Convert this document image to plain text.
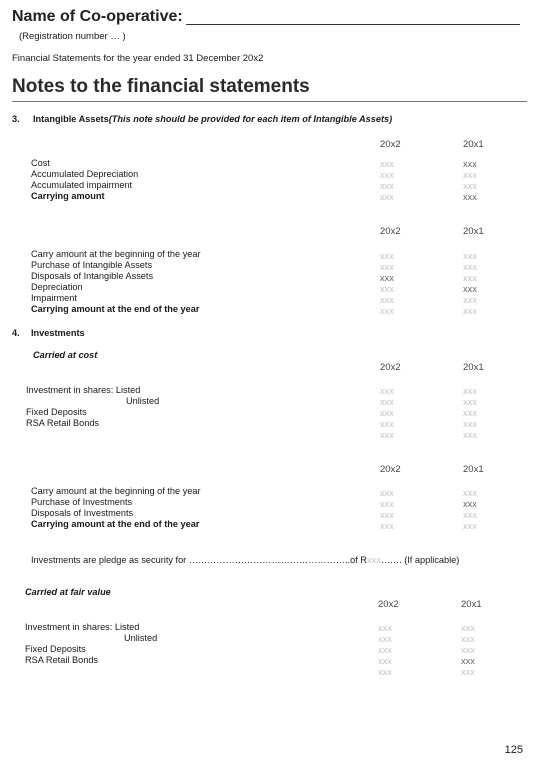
Name of Co-operative:
(Registration number … )
Financial Statements for the year ended 31 December 20x2
Notes to the financial statements
3. Intangible Assets(This note should be provided for each item of Intangible Assets)
20x2	20x1
Cost	xxx	xxx
Accumulated Depreciation	xxx	xxx
Accumulated impairment	xxx	xxx
Carrying amount	xxx	xxx
20x2	20x1
Carry amount at the beginning of the year	xxx	xxx
Purchase of Intangible Assets	xxx	xxx
Disposals of Intangible Assets	xxx	xxx
Depreciation	xxx	xxx
Impairment	xxx	xxx
Carrying amount at the end of the year	xxx	xxx
4. Investments
Carried at cost
20x2	20x1
Investment in shares: Listed	xxx	xxx
Unlisted	xxx	xxx
Fixed Deposits	xxx	xxx
RSA Retail Bonds	xxx	xxx
xxx	xxx
20x2	20x1
Carry amount at the beginning of the year	xxx	xxx
Purchase of Investments	xxx	xxx
Disposals of Investments	xxx	xxx
Carrying amount at the end of the year	xxx	xxx
Investments are pledge as security for ……………………………………………..of Rxxx……. (If applicable)
Carried at fair value
20x2	20x1
Investment in shares: Listed	xxx	xxx
Unlisted	xxx	xxx
Fixed Deposits	xxx	xxx
RSA Retail Bonds	xxx	xxx
xxx	xxx
125
